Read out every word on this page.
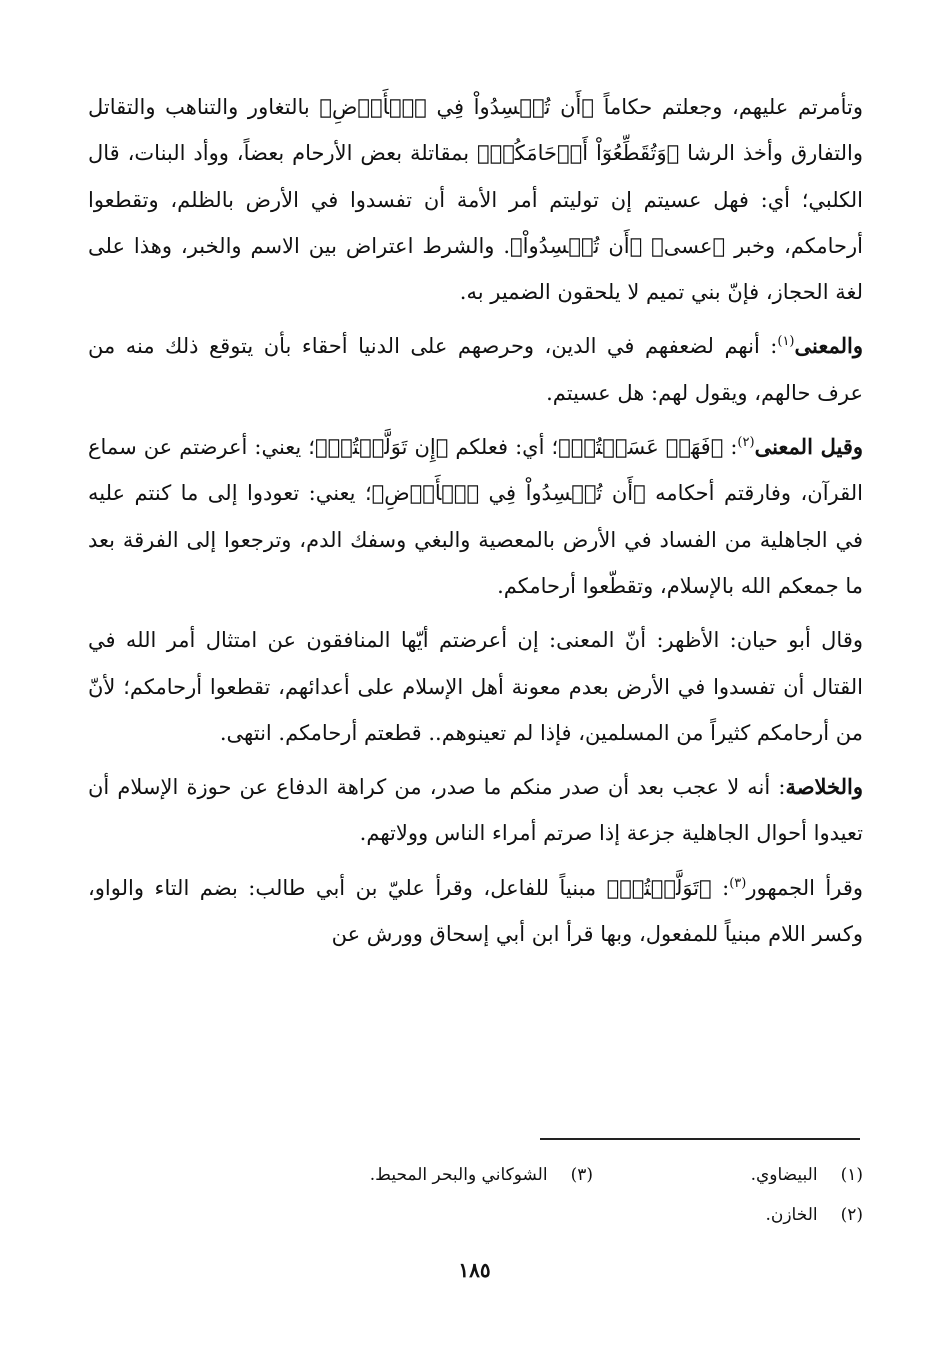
وتأمرتم عليهم، وجعلتم حكاماً ﴿أَن تُفۡسِدُواْ فِي ٱلۡأَرۡضِ﴾ بالتغاور والتناهب والتقاتل والتفارق وأخذ الرشا ﴿وَتُقَطِّعُوٓاْ أَرۡحَامَكُمۡ﴾ بمقاتلة بعض الأرحام بعضاً، ووأد البنات، قال الكلبي؛ أي: فهل عسيتم إن توليتم أمر الأمة أن تفسدوا في الأرض بالظلم، وتقطعوا أرحامكم، وخبر ﴿عسى﴾ ﴿أَن تُفۡسِدُواْ﴾. والشرط اعتراض بين الاسم والخبر، وهذا على لغة الحجاز، فإنّ بني تميم لا يلحقون الضمير به.

والمعنى$^{(١)}$: أنهم لضعفهم في الدين، وحرصهم على الدنيا أحقاء بأن يتوقع ذلك منه من عرف حالهم، ويقول لهم: هل عسيتم.

وقيل المعنى$^{(٢)}$: ﴿فَهَلۡ عَسَيۡتُمۡ﴾؛ أي: فعلكم ﴿إِن تَوَلَّيۡتُمۡ﴾؛ يعني: أعرضتم عن سماع القرآن، وفارقتم أحكامه ﴿أَن تُفۡسِدُواْ فِي ٱلۡأَرۡضِ﴾؛ يعني: تعودوا إلى ما كنتم عليه في الجاهلية من الفساد في الأرض بالمعصية والبغي وسفك الدم، وترجعوا إلى الفرقة بعد ما جمعكم الله بالإسلام، وتقطّعوا أرحامكم.

وقال أبو حيان: الأظهر: أنّ المعنى: إن أعرضتم أيّها المنافقون عن امتثال أمر الله في القتال أن تفسدوا في الأرض بعدم معونة أهل الإسلام على أعدائهم، تقطعوا أرحامكم؛ لأنّ من أرحامكم كثيراً من المسلمين، فإذا لم تعينوهم.. قطعتم أرحامكم. انتهى.

والخلاصة: أنه لا عجب بعد أن صدر منكم ما صدر، من كراهة الدفاع عن حوزة الإسلام أن تعيدوا أحوال الجاهلية جزعة إذا صرتم أمراء الناس وولاتهم.

وقرأ الجمهور$^{(٣)}$: ﴿تَوَلَّيۡتُمۡ﴾ مبنياً للفاعل، وقرأ عليّ بن أبي طالب: بضم التاء والواو، وكسر اللام مبنياً للمفعول، وبها قرأ ابن أبي إسحاق وورش عن

(١) البيضاوي.
(٣) الشوكاني والبحر المحيط.
(٢) الخازن.
١٨٥
